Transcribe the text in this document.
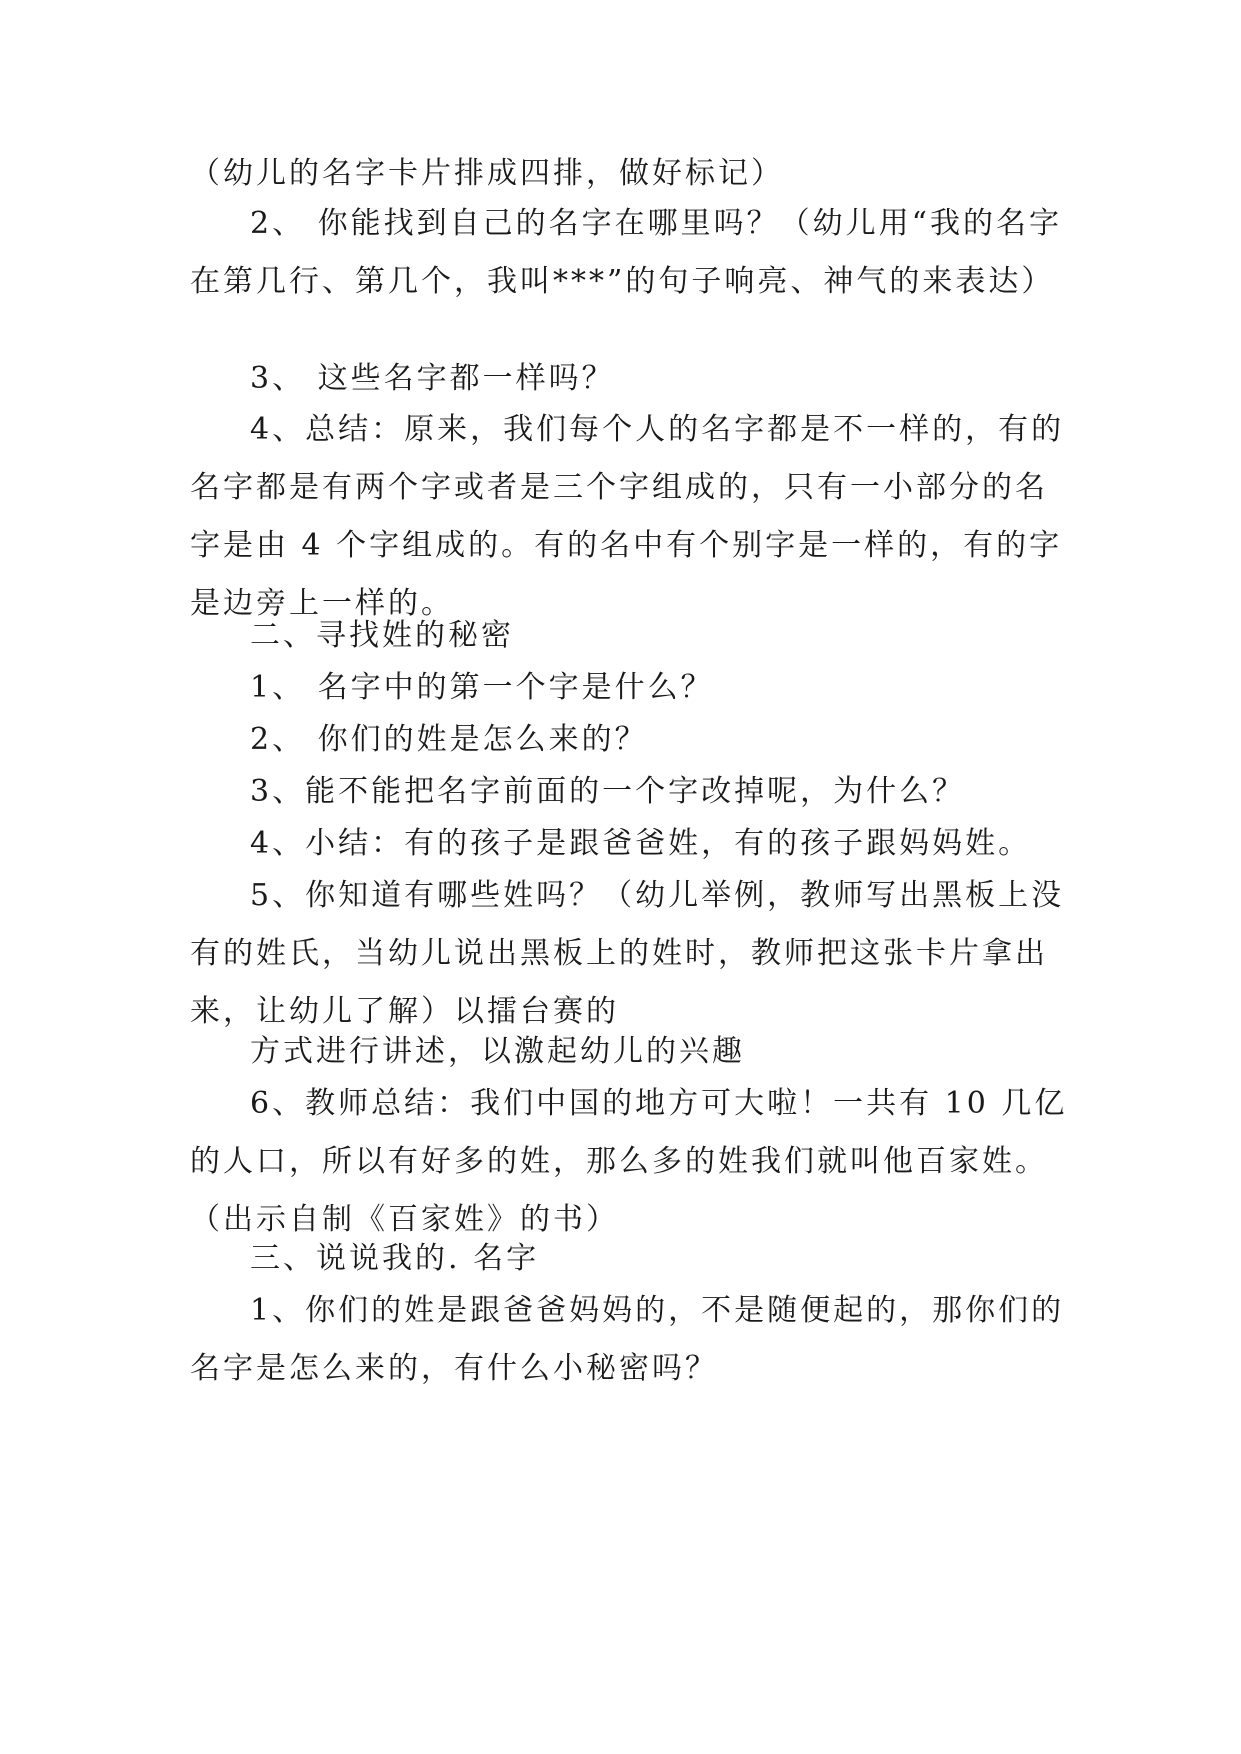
（幼儿的名字卡片排成四排，做好标记）

2、 你能找到自己的名字在哪里吗？（幼儿用“我的名字在第几行、第几个，我叫***”的句子响亮、神气的来表达）

3、 这些名字都一样吗？

4、总结：原来，我们每个人的名字都是不一样的，有的名字都是有两个字或者是三个字组成的，只有一小部分的名字是由 4 个字组成的。有的名中有个别字是一样的，有的字是边旁上一样的。

二、寻找姓的秘密

1、 名字中的第一个字是什么？

2、 你们的姓是怎么来的？

3、能不能把名字前面的一个字改掉呢，为什么？

4、小结：有的孩子是跟爸爸姓，有的孩子跟妈妈姓。

5、你知道有哪些姓吗？（幼儿举例，教师写出黑板上没有的姓氏，当幼儿说出黑板上的姓时，教师把这张卡片拿出来，让幼儿了解）以擂台赛的

方式进行讲述，以激起幼儿的兴趣

6、教师总结：我们中国的地方可大啦！一共有 10 几亿的人口，所以有好多的姓，那么多的姓我们就叫他百家姓。（出示自制《百家姓》的书）

三、说说我的. 名字

1、你们的姓是跟爸爸妈妈的，不是随便起的，那你们的名字是怎么来的，有什么小秘密吗？
